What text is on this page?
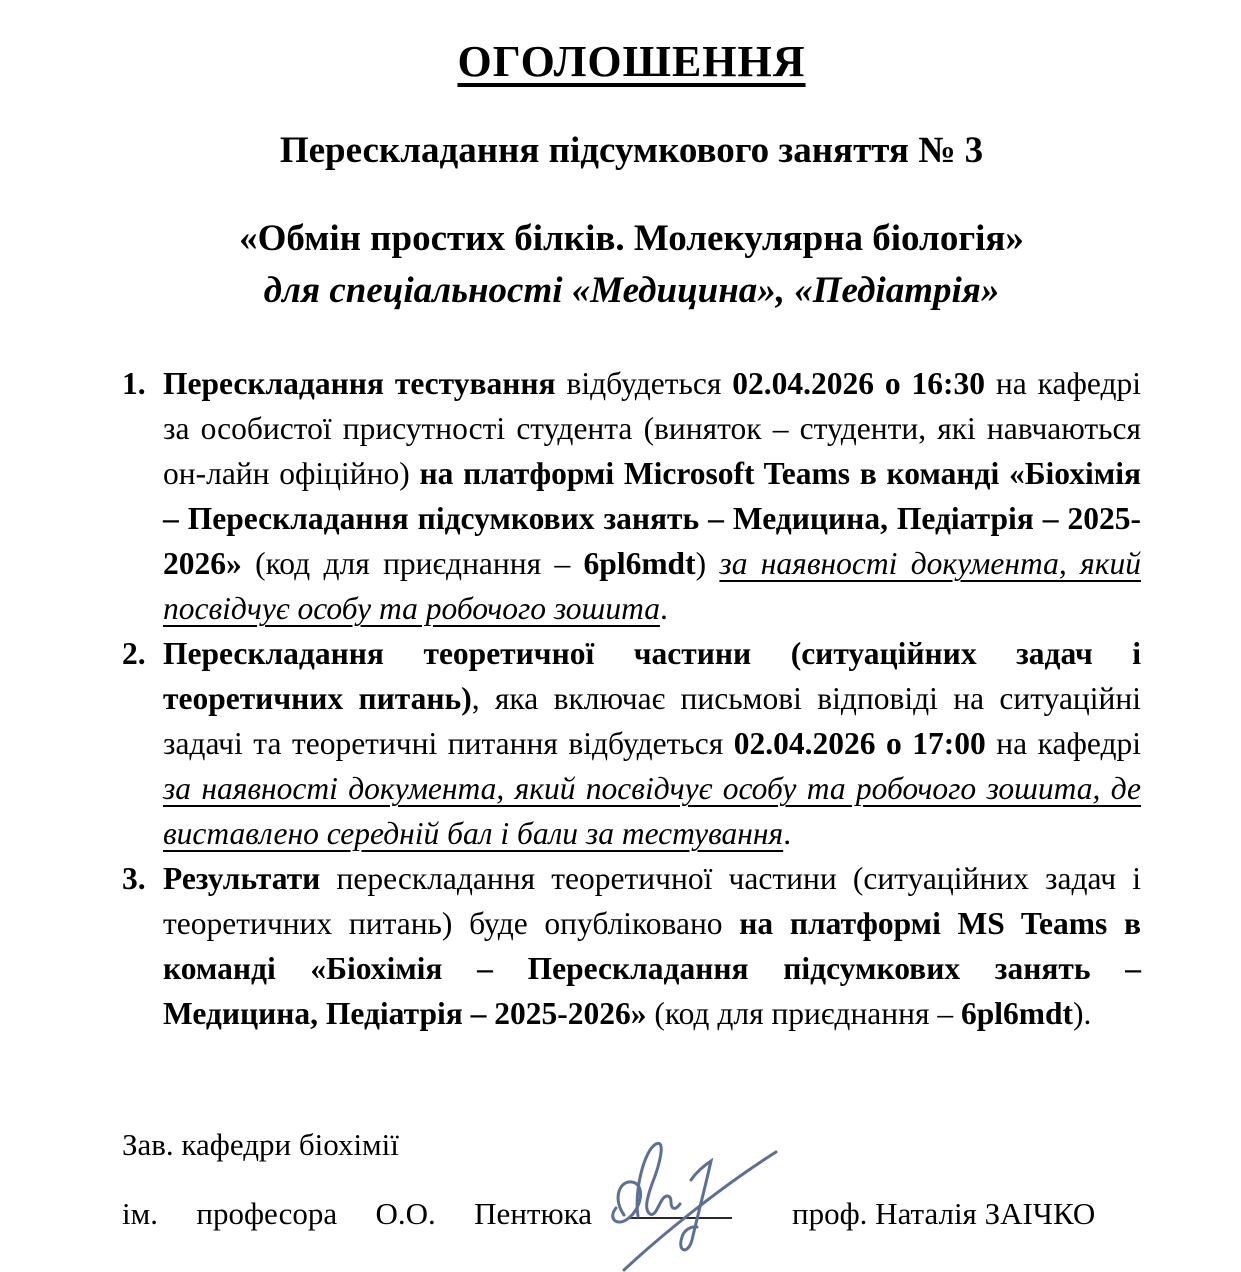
ОГОЛОШЕННЯ
Перескладання підсумкового заняття № 3
«Обмін простих білків. Молекулярна біологія»
для спеціальності «Медицина», «Педіатрія»

1. Перескладання тестування відбудеться 02.04.2026 о 16:30 на кафедрі за особистої присутності студента (виняток – студенти, які навчаються он-лайн офіційно) на платформі Microsoft Teams в команді «Біохімія – Перескладання підсумкових занять – Медицина, Педіатрія – 2025-2026» (код для приєднання – 6pl6mdt) за наявності документа, який посвідчує особу та робочого зошита.

2. Перескладання теоретичної частини (ситуаційних задач і теоретичних питань), яка включає письмові відповіді на ситуаційні задачі та теоретичні питання відбудеться 02.04.2026 о 17:00 на кафедрі за наявності документа, який посвідчує особу та робочого зошита, де виставлено середній бал і бали за тестування.

3. Результати перескладання теоретичної частини (ситуаційних задач і теоретичних питань) буде опубліковано на платформі MS Teams в команді «Біохімія – Перескладання підсумкових занять – Медицина, Педіатрія – 2025-2026» (код для приєднання – 6pl6mdt).

Зав. кафедри біохімії

ім. професора О.О. Пентюка	проф. Наталія ЗАІЧКО
